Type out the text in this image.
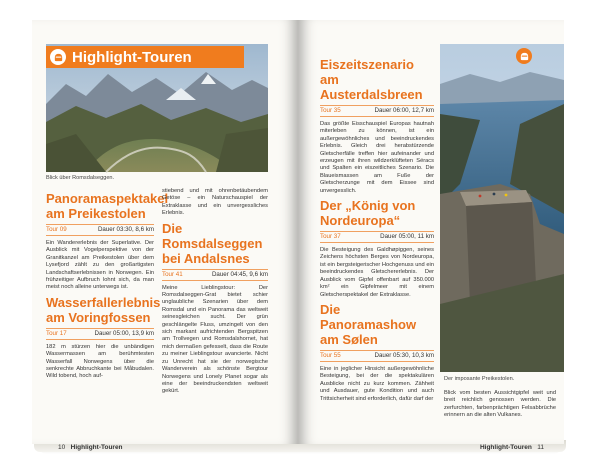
Highlight-Touren
Blick über Romsdalseggen.
Panoramaspektakel am Preikestolen
Tour 09	Dauer 03:30, 8,6 km

Ein Wandererlebnis der Superlative. Der Ausblick mit Vogelperspektive von der Granitkanzel am Preikestolen über dem Lysefjord zählt zu den großartigsten Landschaftserlebnissen in Norwegen. Ein frühzeitiger Aufbruch lohnt sich, da man meist noch alleine unterwegs ist.

Wasserfallerlebnis am Voringfossen
Tour 17	Dauer 05:00, 13,9 km

182 m stürzen hier die unbändigen Wassermassen am berühmtesten Wasserfall Norwegens über die senkrechte Abbruchkante bei Måbudalen. Wild tobend, hoch auf-

stiebend und mit ohrenbetäubendem Getöse – ein Naturschauspiel der Extraklasse und ein unvergessliches Erlebnis.

Die Romsdalseggen bei Andalsnes
Tour 41	Dauer 04:45, 9,6 km

Meine Lieblingstour: Der Romsdalseggen-Grat bietet schier unglaubliche Szenarien über dem Romsdal und ein Panorama das weltweit seinesgleichen sucht. Der grün geschlängelte Fluss, umzingelt von den sich markant aufrichtenden Bergspitzen am Trollvegen und Romsdalshornet, hat mich dermaßen gefesselt, dass die Route zu meiner Lieblingstour avancierte. Nicht zu Unrecht hat sie der norwegische Wanderverein als schönste Bergtour Norwegens und Lonely Planet sogar als eine der beeindruckendsten weltweit gekürt.

10 Highlight-Touren
Eiszeitszenario am Austerdalsbreen
Tour 35	Dauer 06:00, 12,7 km

Das größte Eisschauspiel Europas hautnah miterleben zu können, ist ein außergewöhnliches und beeindruckendes Erlebnis. Gleich drei herabstürzende Gletscherfälle treffen hier aufeinander und erzeugen mit ihren wildzerklüfteten Séracs und Spalten ein eiszeitliches Szenario. Die Blaueismassen am Fuße der Gletscherzunge mit dem Eissee sind unvergesslich.

Der „König von Nordeuropa“
Tour 37	Dauer 05:00, 11 km

Die Besteigung des Galdhøpiggen, seines Zeichens höchsten Berges von Nordeuropa, ist ein bergsteigerischer Hochgenuss und ein beeindruckendes Gletschererlebnis. Der Ausblick vom Gipfel offenbart auf 350.000 km² ein Gipfelmeer mit einem Gletscherspektakel der Extraklasse.

Die Panoramashow am Sølen
Tour 55	Dauer 05:30, 10,3 km

Eine in jeglicher Hinsicht außergewöhnliche Besteigung, bei der die spektakulären Ausblicke nicht zu kurz kommen. Zähheit und Ausdauer, gute Kondition und auch Trittsicherheit sind erforderlich, dafür darf der

Der imposante Preikestolen.

Blick vom besten Aussichtgipfel weit und breit reichlich genossen werden. Die zerfurchten, farbenprächtigen Felsabbrüche erinnern an die alten Vulkanes.

Highlight-Touren 11
